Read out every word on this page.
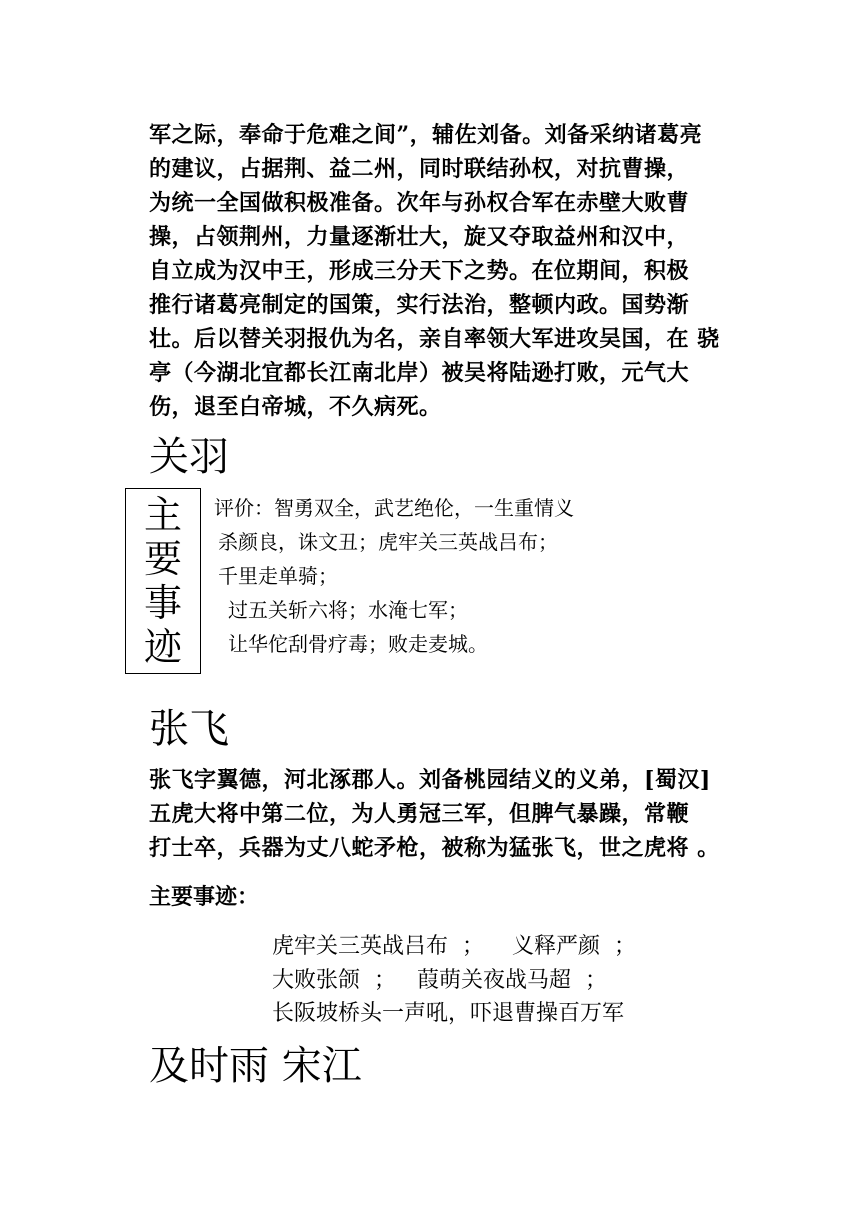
军之际，奉命于危难之间”，辅佐刘备。刘备采纳诸葛亮
的建议，占据荆、益二州，同时联结孙权，对抗曹操，
为统一全国做积极准备。次年与孙权合军在赤壁大败曹
操，占领荆州，力量逐渐壮大，旋又夺取益州和汉中，
自立成为汉中王，形成三分天下之势。在位期间，积极
推行诸葛亮制定的国策，实行法治，整顿内政。国势渐
壮。后以替关羽报仇为名，亲自率领大军进攻吴国，在 骁
亭（今湖北宜都长江南北岸）被吴将陆逊打败，元气大
伤，退至白帝城，不久病死。
关羽
主
要
事
迹
评价：智勇双全，武艺绝伦，一生重情义
杀颜良，诛文丑；虎牢关三英战吕布；
千里走单骑；
过五关斩六将；水淹七军；
让华佗刮骨疗毒；败走麦城。
张飞
张飞字翼德，河北涿郡人。刘备桃园结义的义弟，[蜀汉]
五虎大将中第二位，为人勇冠三军，但脾气暴躁，常鞭
打士卒，兵器为丈八蛇矛枪，被称为猛张飞，世之虎将 。
主要事迹：
虎牢关三英战吕布  ；    义释严颜  ；
大败张颌  ；   葭萌关夜战马超  ；
长阪坡桥头一声吼，吓退曹操百万军
及时雨 宋江
